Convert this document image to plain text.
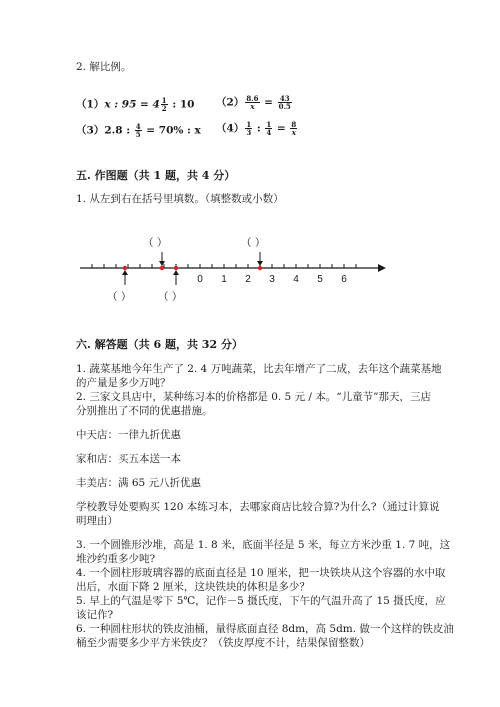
2. 解比例。
（1）x : $95 = 4 \frac{1}{2}$ : 10 $(2) \frac{8.6}{x} = \frac{43}{0.5}$
（3）2.8 : $\frac{4}{5} = 70\%$ : x $(4) \frac{1}{3}$ : $\frac{1}{4} = \frac{8}{x}$
五. 作图题（共 1 题，共 4 分）
1. 从左到右在括号里填数。（填整数或小数）
0 1 2 3 4 5 6
（ ）	（ ）
（ ）	（ ）
六. 解答题（共 6 题，共 32 分）
1. 蔬菜基地今年生产了 2. 4 万吨蔬菜，比去年增产了二成，去年这个蔬菜基地
的产量是多少万吨？
2. 三家文具店中，某种练习本的价格都是 0. 5 元 / 本。“儿童节”那天，三店
分别推出了不同的优惠措施。
中天店：一律九折优惠
家和店：买五本送一本
丰美店：满 65 元八折优惠
学校教导处要购买 120 本练习本，去哪家商店比较合算?为什么?（通过计算说
明理由）
3. 一个圆锥形沙堆，高是 1. 8 米，底面半径是 5 米，每立方米沙重 1. 7 吨，这
堆沙约重多少吨?
4. 一个圆柱形玻璃容器的底面直径是 10 厘米，把一块铁块从这个容器的水中取
出后，水面下降 2 厘米，这块铁块的体积是多少？
5. 早上的气温是零下 5℃，记作－5 摄氏度，下午的气温升高了 15 摄氏度，应
该记作?
6. 一种圆柱形状的铁皮油桶，量得底面直径 8dm，高 5dm. 做一个这样的铁皮油
桶至少需要多少平方米铁皮？（铁皮厚度不计，结果保留整数）
